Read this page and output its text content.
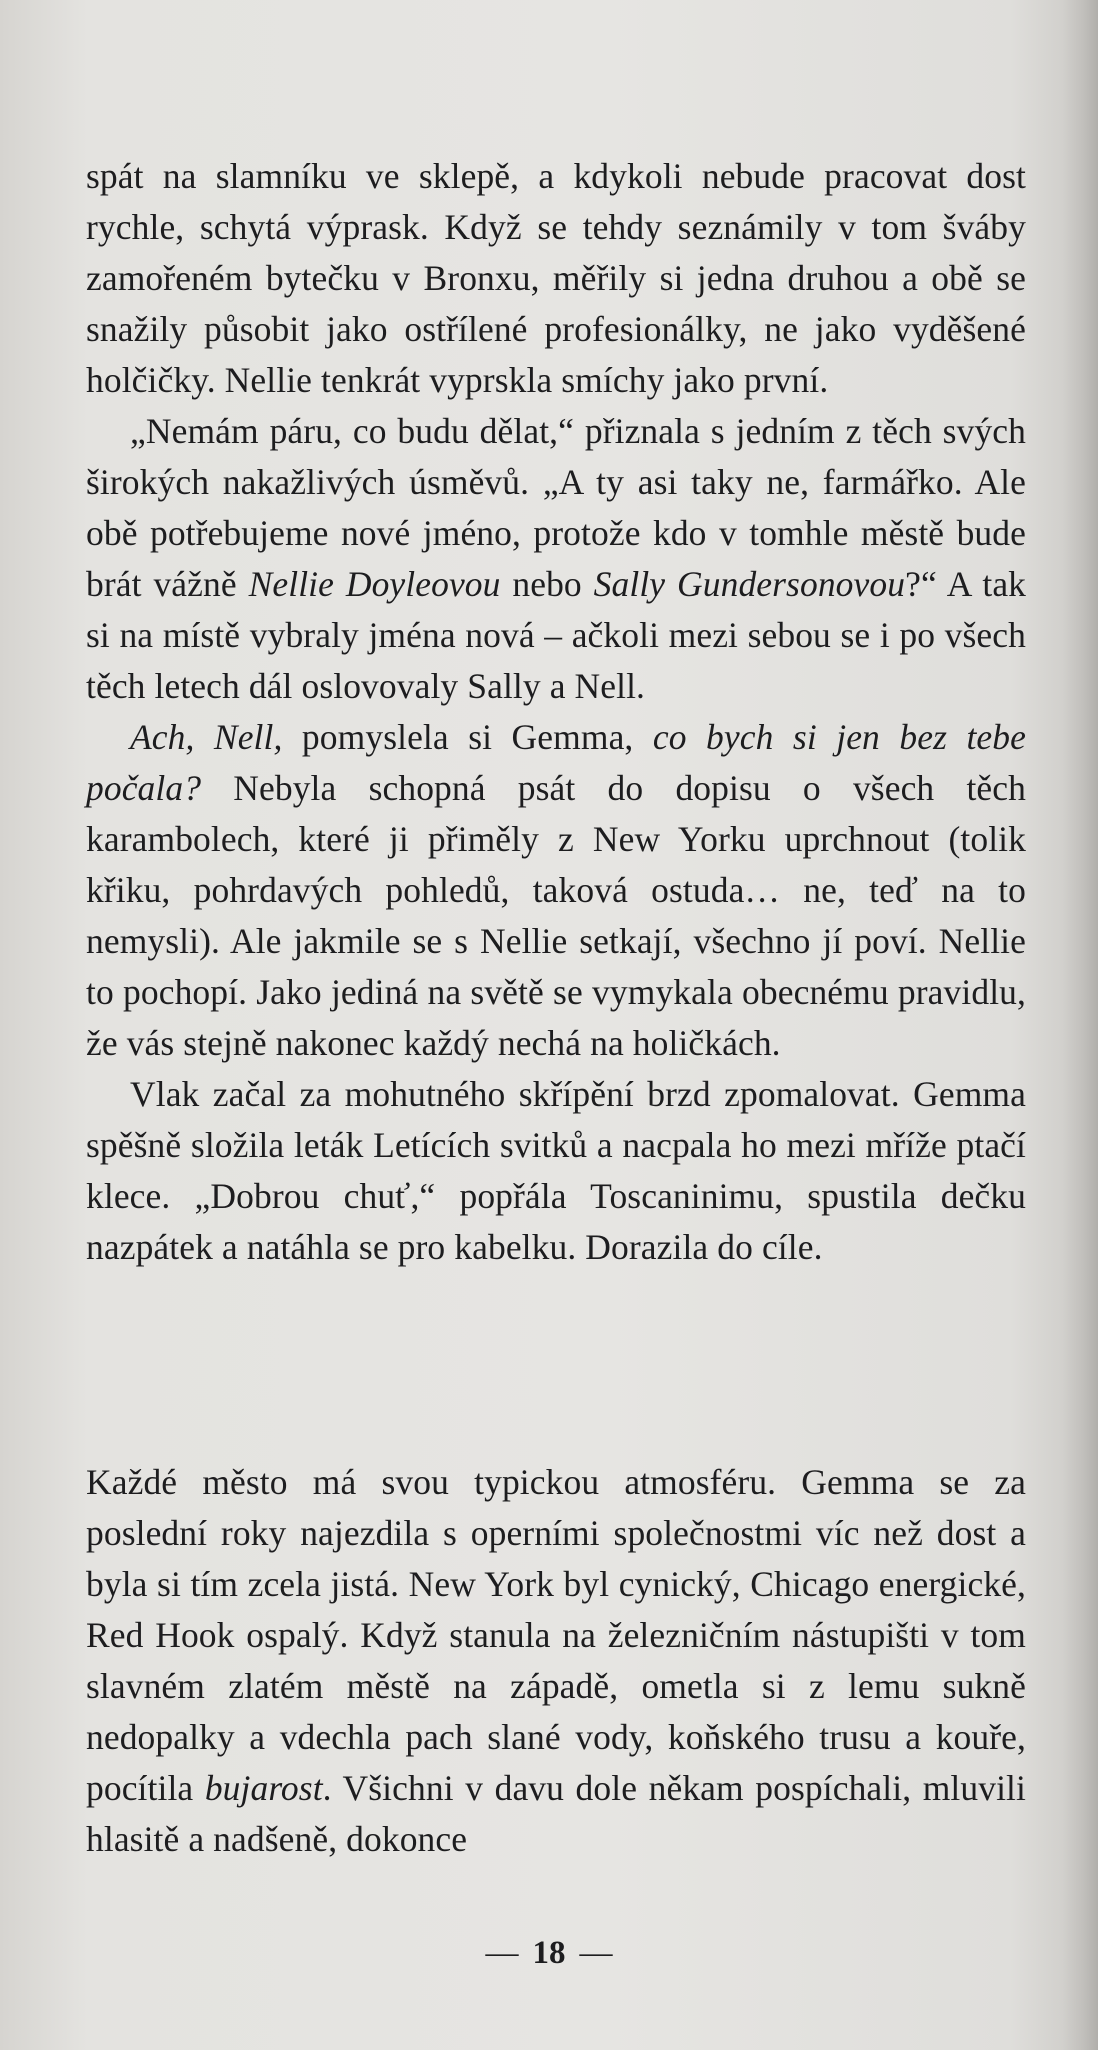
spát na slamníku ve sklepě, a kdykoli nebude pracovat dost rychle, schytá výprask. Když se tehdy seznámily v tom šváby zamořeném bytečku v Bronxu, měřily si jedna druhou a obě se snažily působit jako ostřílené profesionálky, ne jako vyděšené holčičky. Nellie tenkrát vyprskla smíchy jako první.

„Nemám páru, co budu dělat,“ přiznala s jedním z těch svých širokých nakažlivých úsměvů. „A ty asi taky ne, farmářko. Ale obě potřebujeme nové jméno, protože kdo v tomhle městě bude brát vážně Nellie Doyleovou nebo Sally Gundersonovou?“ A tak si na místě vybraly jména nová – ačkoli mezi sebou se i po všech těch letech dál oslovovaly Sally a Nell.

Ach, Nell, pomyslela si Gemma, co bych si jen bez tebe počala? Nebyla schopná psát do dopisu o všech těch karambolech, které ji přiměly z New Yorku uprchnout (tolik křiku, pohrdavých pohledů, taková ostuda… ne, teď na to nemysli). Ale jakmile se s Nellie setkají, všechno jí poví. Nellie to pochopí. Jako jediná na světě se vymykala obecnému pravidlu, že vás stejně nakonec každý nechá na holičkách.

Vlak začal za mohutného skřípění brzd zpomalovat. Gemma spěšně složila leták Letících svitků a nacpala ho mezi mříže ptačí klece. „Dobrou chuť,“ popřála Toscaninimu, spustila dečku nazpátek a natáhla se pro kabelku. Dorazila do cíle.

Každé město má svou typickou atmosféru. Gemma se za poslední roky najezdila s operními společnostmi víc než dost a byla si tím zcela jistá. New York byl cynický, Chicago energické, Red Hook ospalý. Když stanula na železničním nástupišti v tom slavném zlatém městě na západě, ometla si z lemu sukně nedopalky a vdechla pach slané vody, koňského trusu a kouře, pocítila bujarost. Všichni v davu dole někam pospíchali, mluvili hlasitě a nadšeně, dokonce

— 18 —
